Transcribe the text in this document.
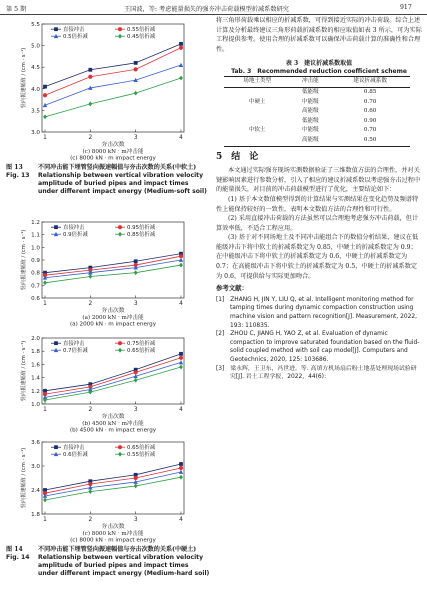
第 5 期	王国波，等: 考虑能量损失的强夯冲击荷载模型折减系数研究	917
3.0
3.5
4.0
4.5
5.0
5.5
1	2	3	4
夯击次数
竖向振速幅值 / (cm · s⁻¹)
直接冲击	0.55倍折减
0.5倍折减	0.45倍折减
(c) 8000 kN · m冲击能
(c) 8000 kN · m impact energy
图 13	不同冲击能下埋管竖向振速幅值与夯击次数的关系(中软土)
Fig. 13	Relationship between vertical vibration velocity amplitude of buried pipes and impact times under different impact energy (Medium-soft soil)
0.6
0.7
0.8
0.9
1.0
1.1
1.2
1	2	3	4
夯击次数
竖向振速幅值 / (cm · s⁻¹)
直接冲击	0.95倍折减
0.9倍折减	0.85倍折减
(a) 2000 kN · m冲击能
(a) 2000 kN · m impact energy
1.0
1.2
1.4
1.6
1.8
2.0
1	2	3	4
夯击次数
竖向振速幅值 / (cm · s⁻¹)	直接冲击	0.75倍折减
0.7倍折减	0.65倍折减
(b) 4500 kN · m冲击能
(b) 4500 kN · m impact energy
1.8
2.4
3.0
3.6
1	2	3	4
夯击次数
竖向振速幅值 / (cm · s⁻¹)	直接冲击	0.65倍折减
0.6倍折减	0.55倍折减
(c) 8000 kN · m冲击能
(c) 8000 kN · m impact energy
图 14	不同冲击能下埋管竖向振速幅值与夯击次数的关系(中硬土)
Fig. 14	Relationship between vertical vibration velocity amplitude of buried pipes and impact times under different impact energy (Medium-hard soil)

将三角形荷载乘以相应的折减系数，可得到接近实际的冲击荷载。综合上述计算及分析最终建议三角形荷载折减系数的相应取值如表 3 所示，可为实际工程提供参考。使用合理的折减系数可以确保冲击荷载计算的准确性和合理性。

表 3　建议折减系数取值
Tab. 3　Recommended reduction coefficient scheme
场地土类型	冲击能	建议折减系数
	低能级	0.85
中硬土	中能级	0.70
	高能级	0.60
	低能级	0.90
中软土	中能级	0.70
	高能级	0.50
5　结　论

本文通过实际强夯现场实测数据验证了三维数值方法的合理性，并对关键影响因素进行参数分析，引入了相应的建议折减系数以考虑强夯击过程中的能量损失，对目前的冲击荷载模型进行了优化，主要结论如下：

(1) 基于本文数值模型得到的计算结果与实测结果在变化趋势及频谱特性上能保持较好的一致性，表明本文数值方法的合理性和可行性。

(2) 采用直接冲击荷载的方法虽然可以合理地考虑强夯冲击荷载，但计算效率低，不适合工程应用。

(3) 基于对不同场地土及不同冲击能组合下的数值分析结果，建议在低能级冲击下将中软土的折减系数定为 0.85，中硬土的折减系数定为 0.9；在中能级冲击下将中软土的折减系数定为 0.6，中硬土的折减系数定为 0.7；在高能级冲击下将中软土的折减系数定为 0.5，中硬土的折减系数定为 0.6，可提供给与实际更加吻合。

参考文献：

[1]　ZHANG H, JIN Y, LIU Q, et al. Intelligent monitoring method for tamping times during dynamic compaction construction using machine vision and pattern recognition[J]. Measurement, 2022, 193: 110835.

[2]　ZHOU C, JIANG H, YAO Z, et al. Evaluation of dynamic compaction to improve saturated foundation based on the fluid-solid coupled method with soil cap model[J]. Computers and Geotechnics, 2020, 125: 103686.

[3]　梁永辉，王卫东，冯世进，等. 高填方机场扇后粉土地基处理现场试验研究[J]. 岩土工程学报，2022，44(6)：
